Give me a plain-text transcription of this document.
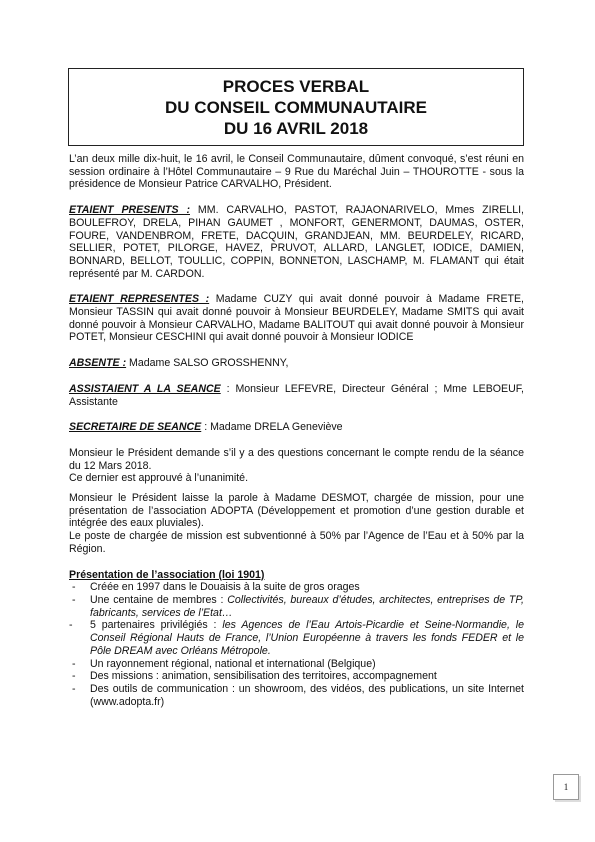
PROCES VERBAL
DU CONSEIL COMMUNAUTAIRE
DU 16 AVRIL 2018

L’an deux mille dix-huit, le 16 avril, le Conseil Communautaire, dûment convoqué, s’est réuni en session ordinaire à l’Hôtel Communautaire – 9 Rue du Maréchal Juin – THOUROTTE - sous la présidence de Monsieur Patrice CARVALHO, Président.

ETAIENT PRESENTS : MM. CARVALHO, PASTOT, RAJAONARIVELO, Mmes ZIRELLI, BOULEFROY, DRELA, PIHAN GAUMET , MONFORT, GENERMONT, DAUMAS, OSTER, FOURE, VANDENBROM, FRETE, DACQUIN, GRANDJEAN, MM. BEURDELEY, RICARD, SELLIER, POTET, PILORGE, HAVEZ, PRUVOT, ALLARD, LANGLET, IODICE, DAMIEN, BONNARD, BELLOT, TOULLIC, COPPIN, BONNETON, LASCHAMP, M. FLAMANT qui était représenté par M. CARDON.

ETAIENT REPRESENTES : Madame CUZY qui avait donné pouvoir à Madame FRETE, Monsieur TASSIN qui avait donné pouvoir à Monsieur BEURDELEY, Madame SMITS qui avait donné pouvoir à Monsieur CARVALHO, Madame BALITOUT qui avait donné pouvoir à Monsieur POTET, Monsieur CESCHINI qui avait donné pouvoir à Monsieur IODICE

ABSENTE : Madame SALSO GROSSHENNY,

ASSISTAIENT A LA SEANCE : Monsieur LEFEVRE, Directeur Général ; Mme LEBOEUF, Assistante

SECRETAIRE DE SEANCE : Madame DRELA Geneviève

Monsieur le Président demande s’il y a des questions concernant le compte rendu de la séance du 12 Mars 2018.

Ce dernier est approuvé à l’unanimité.

Monsieur le Président laisse la parole à Madame DESMOT, chargée de mission, pour une présentation de l’association ADOPTA (Développement et promotion d’une gestion durable et intégrée des eaux pluviales).

Le poste de chargée de mission est subventionné à 50% par l’Agence de l’Eau et à 50% par la Région.

Présentation de l’association (loi 1901)

- Créée en 1997 dans le Douaisis à la suite de gros orages
- Une centaine de membres : Collectivités, bureaux d’études, architectes, entreprises de TP, fabricants, services de l’Etat…
- 5 partenaires privilégiés : les Agences de l’Eau Artois-Picardie et Seine-Normandie, le Conseil Régional Hauts de France, l’Union Européenne à travers les fonds FEDER et le Pôle DREAM avec Orléans Métropole.
- Un rayonnement régional, national et international (Belgique)
- Des missions : animation, sensibilisation des territoires, accompagnement
- Des outils de communication : un showroom, des vidéos, des publications, un site Internet (www.adopta.fr)
1
